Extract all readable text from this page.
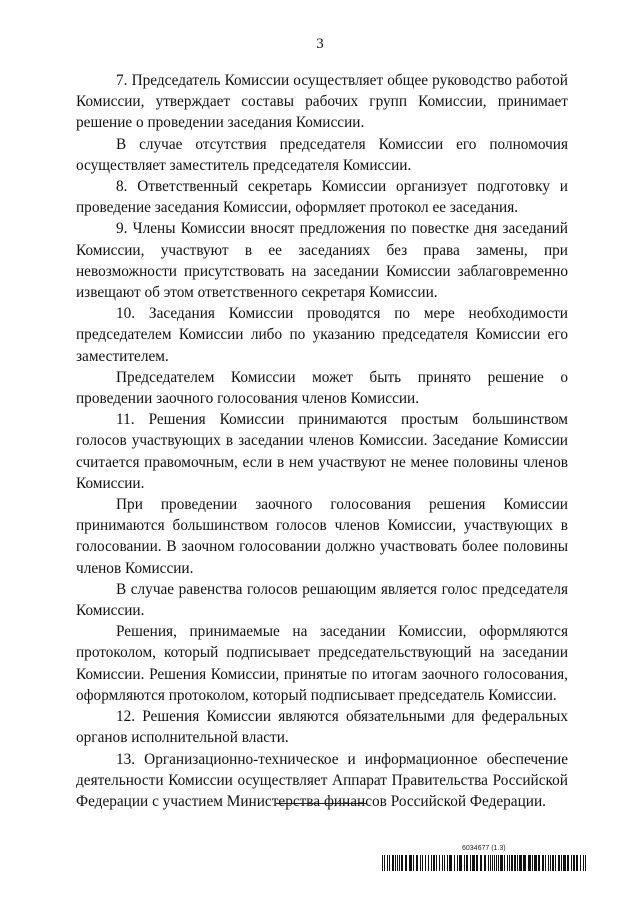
3

7. Председатель Комиссии осуществляет общее руководство работой Комиссии, утверждает составы рабочих групп Комиссии, принимает решение о проведении заседания Комиссии.

В случае отсутствия председателя Комиссии его полномочия осуществляет заместитель председателя Комиссии.

8. Ответственный секретарь Комиссии организует подготовку и проведение заседания Комиссии, оформляет протокол ее заседания.

9. Члены Комиссии вносят предложения по повестке дня заседаний Комиссии, участвуют в ее заседаниях без права замены, при невозможности присутствовать на заседании Комиссии заблаговременно извещают об этом ответственного секретаря Комиссии.

10. Заседания Комиссии проводятся по мере необходимости председателем Комиссии либо по указанию председателя Комиссии его заместителем.

Председателем Комиссии может быть принято решение о проведении заочного голосования членов Комиссии.

11. Решения Комиссии принимаются простым большинством голосов участвующих в заседании членов Комиссии. Заседание Комиссии считается правомочным, если в нем участвуют не менее половины членов Комиссии.

При проведении заочного голосования решения Комиссии принимаются большинством голосов членов Комиссии, участвующих в голосовании. В заочном голосовании должно участвовать более половины членов Комиссии.

В случае равенства голосов решающим является голос председателя Комиссии.

Решения, принимаемые на заседании Комиссии, оформляются протоколом, который подписывает председательствующий на заседании Комиссии. Решения Комиссии, принятые по итогам заочного голосования, оформляются протоколом, который подписывает председатель Комиссии.

12. Решения Комиссии являются обязательными для федеральных органов исполнительной власти.

13. Организационно-техническое и информационное обеспечение деятельности Комиссии осуществляет Аппарат Правительства Российской Федерации с участием Министерства финансов Российской Федерации.

6034677 (1.3)
